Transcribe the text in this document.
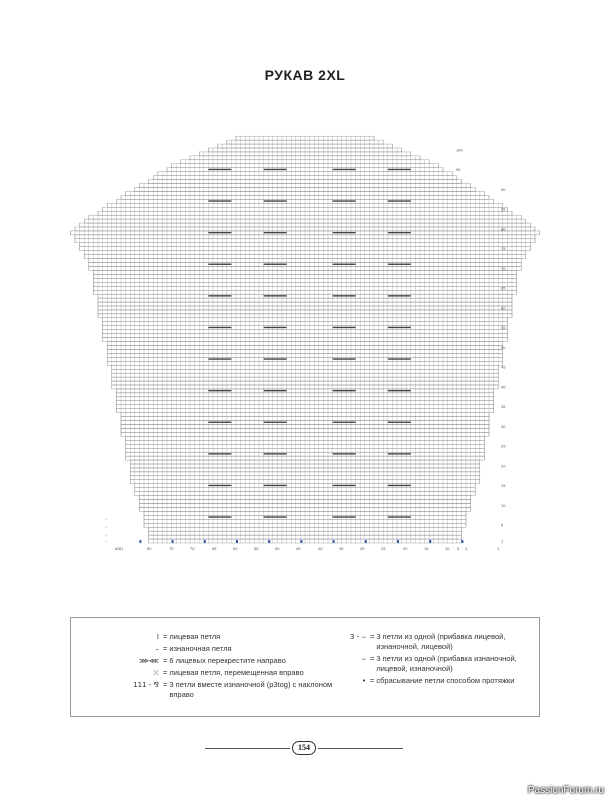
РУКАВ 2XL
100
95
90
85
80
75
70
65
60
55
50
45
40
35
30
25
20
15
10
5
1
82 81	80	75	70	65	60	55	50	45	40	35	30	25	20	15	10 5 3	1
→
→
→
→
I = лицевая петля
– = изнаночная петля
⋙⋘ = 6 лицевых перекрестите направо
⤫ = лицевая петля, перемещенная вправо
111 - ⅋ = 3 петли вместе изнаночной (p3tog) с наклоном вправо
3 - ⌣ = 3 петли из одной (прибавка лицевой, изнаночной, лицевой)
⌣ = 3 петли из одной (прибавка изнаночной, лицевой, изнаночной)
• = сбрасывание петли способом протяжки
154
PassionForum.ru
